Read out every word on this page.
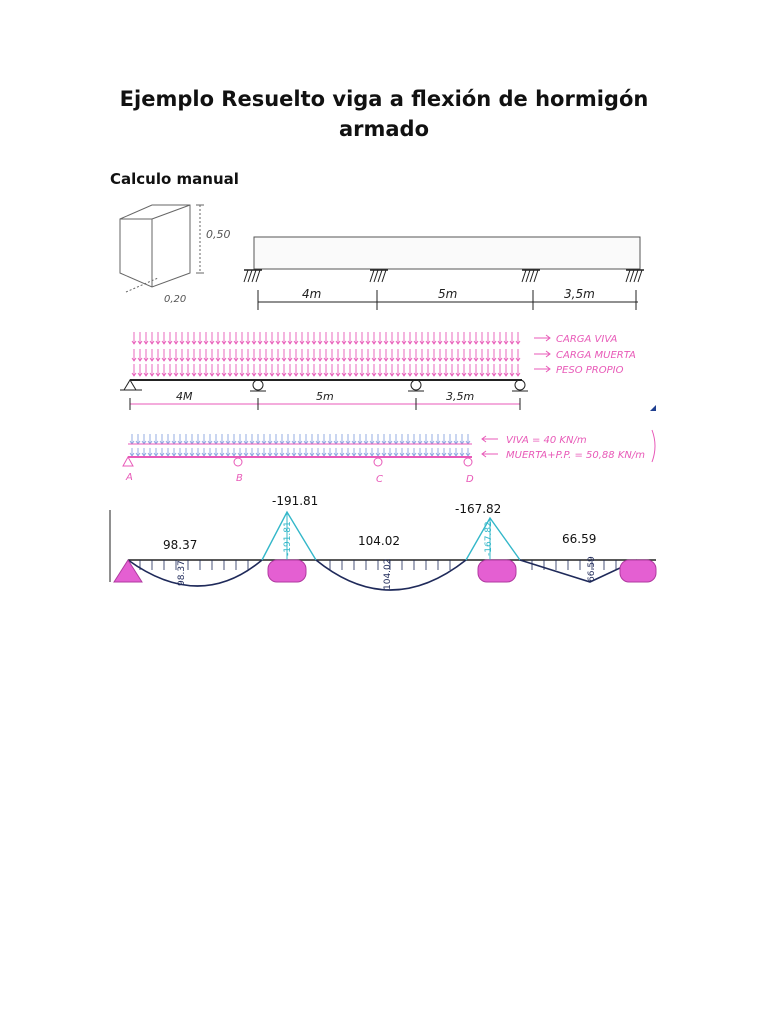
Ejemplo Resuelto viga a flexión de hormigón armado
Calculo manual
0,50
0,20	4m	5m	3,5m
CARGA VIVA
CARGA MUERTA
PESO PROPIO
4M	5m	3,5m
VIVA = 40 KN/m
MUERTA+P.P. = 50,88 KN/m
A	B	C	D
98.37
-191.81
104.02
-167.82
66.59
98.37
-191.81
104.02
-167.82
66.59
